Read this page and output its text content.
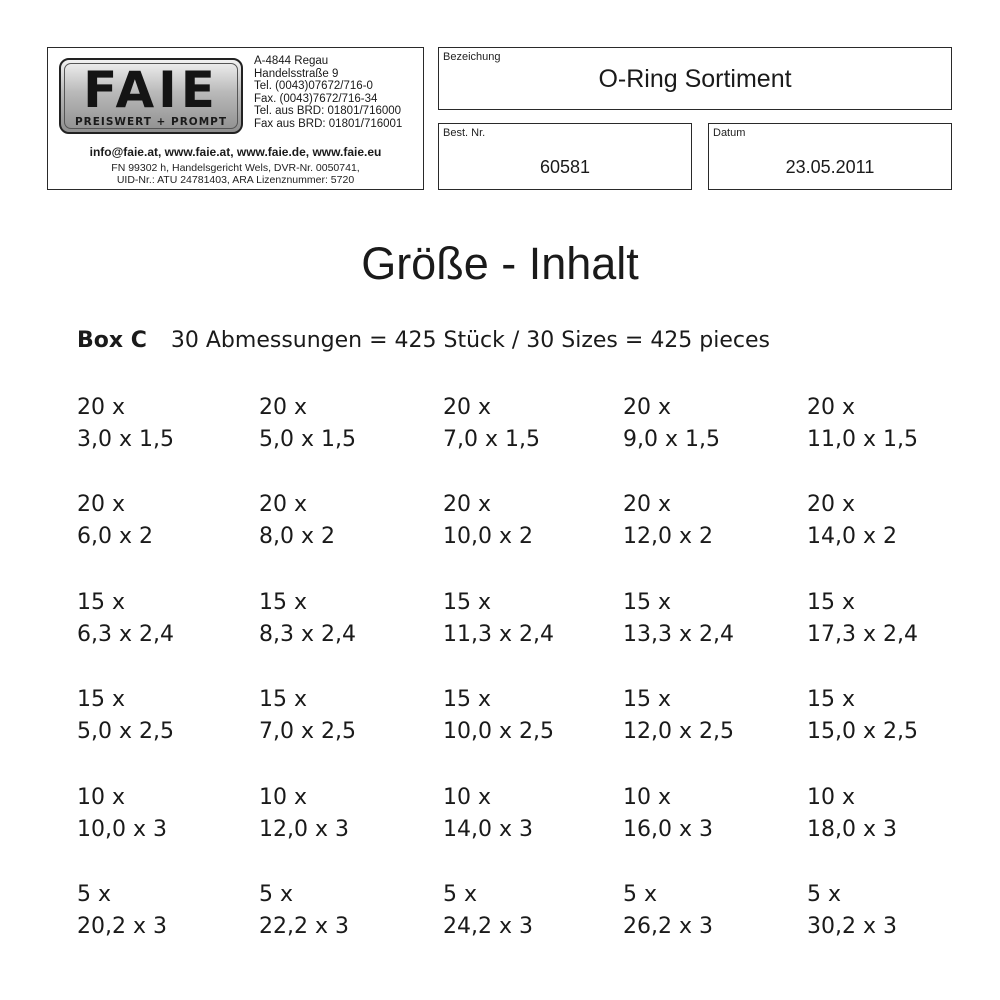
FAIE
PREISWERT + PROMPT
A-4844 Regau
Handelsstraße 9
Tel. (0043)07672/716-0
Fax. (0043)7672/716-34
Tel. aus BRD: 01801/716000
Fax aus BRD: 01801/716001
info@faie.at, www.faie.at, www.faie.de, www.faie.eu
FN 99302 h, Handelsgericht Wels, DVR-Nr. 0050741,
UID-Nr.: ATU 24781403, ARA Lizenznummer: 5720
Bezeichung
O-Ring Sortiment
Best. Nr.
60581
Datum
23.05.2011
Größe - Inhalt
Box C 30 Abmessungen = 425 Stück / 30 Sizes = 425 pieces
20 x
3,0 x 1,5
20 x
5,0 x 1,5
20 x
7,0 x 1,5
20 x
9,0 x 1,5
20 x
11,0 x 1,5
20 x
6,0 x 2
20 x
8,0 x 2
20 x
10,0 x 2
20 x
12,0 x 2
20 x
14,0 x 2
15 x
6,3 x 2,4
15 x
8,3 x 2,4
15 x
11,3 x 2,4
15 x
13,3 x 2,4
15 x
17,3 x 2,4
15 x
5,0 x 2,5
15 x
7,0 x 2,5
15 x
10,0 x 2,5
15 x
12,0 x 2,5
15 x
15,0 x 2,5
10 x
10,0 x 3
10 x
12,0 x 3
10 x
14,0 x 3
10 x
16,0 x 3
10 x
18,0 x 3
5 x
20,2 x 3
5 x
22,2 x 3
5 x
24,2 x 3
5 x
26,2 x 3
5 x
30,2 x 3
